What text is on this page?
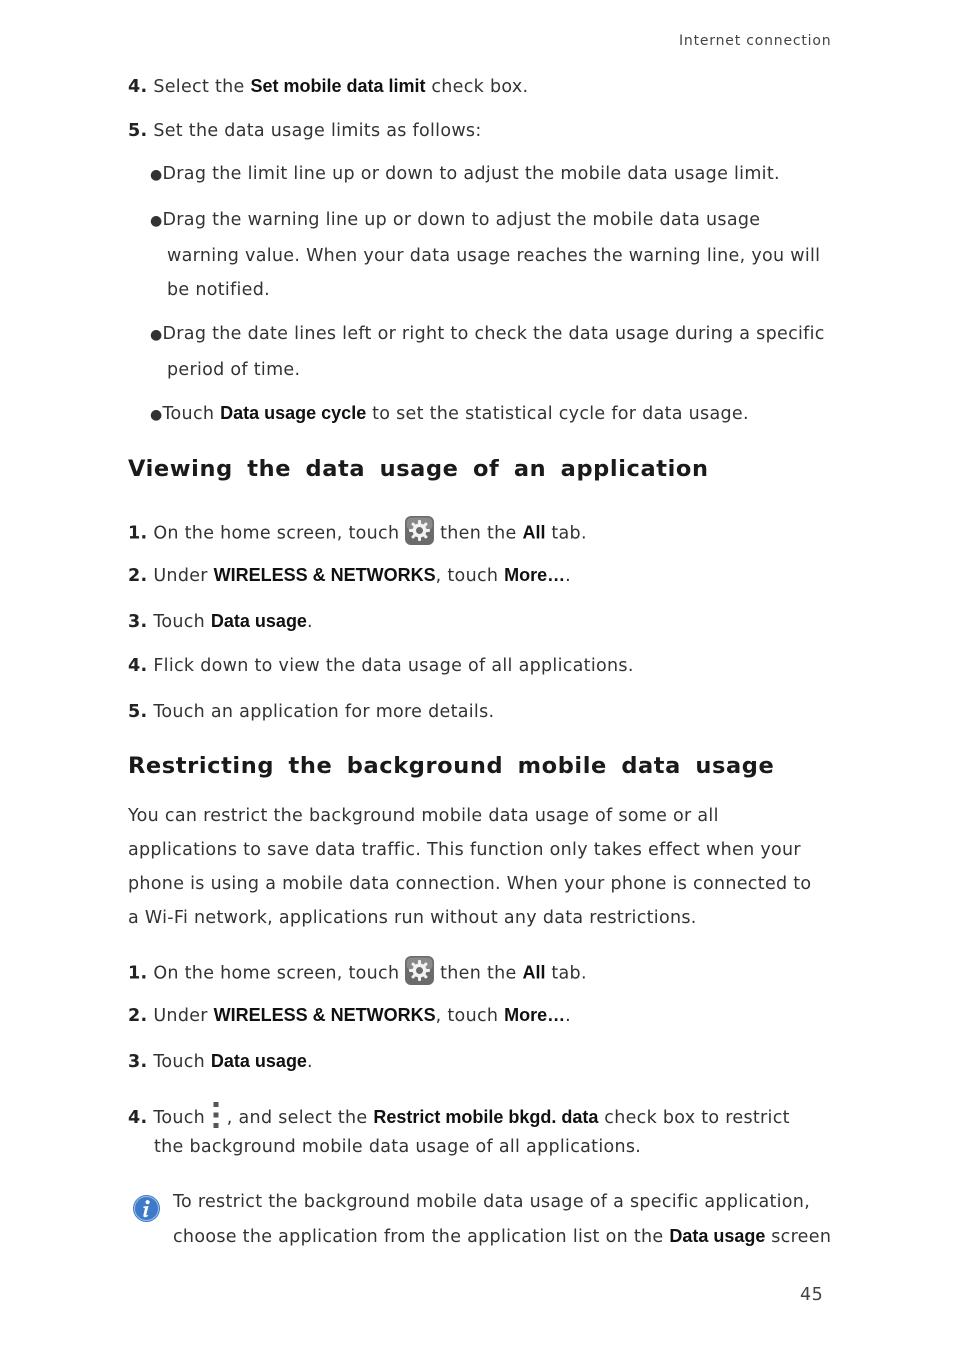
Internet connection
4. Select the Set mobile data limit check box.
5. Set the data usage limits as follows:
●Drag the limit line up or down to adjust the mobile data usage limit.
●Drag the warning line up or down to adjust the mobile data usage
warning value. When your data usage reaches the warning line, you will
be notified.
●Drag the date lines left or right to check the data usage during a specific
period of time.
●Touch Data usage cycle to set the statistical cycle for data usage.
Viewing the data usage of an application
1. On the home screen, touch then the All tab.
2. Under WIRELESS & NETWORKS, touch More….
3. Touch Data usage.
4. Flick down to view the data usage of all applications.
5. Touch an application for more details.
Restricting the background mobile data usage
You can restrict the background mobile data usage of some or all applications to save data traffic. This function only takes effect when your phone is using a mobile data connection. When your phone is connected to a Wi-Fi network, applications run without any data restrictions.
1. On the home screen, touch then the All tab.
2. Under WIRELESS & NETWORKS, touch More….
3. Touch Data usage.
4. Touch , and select the Restrict mobile bkgd. data check box to restrict
the background mobile data usage of all applications.
To restrict the background mobile data usage of a specific application,
choose the application from the application list on the Data usage screen
45
